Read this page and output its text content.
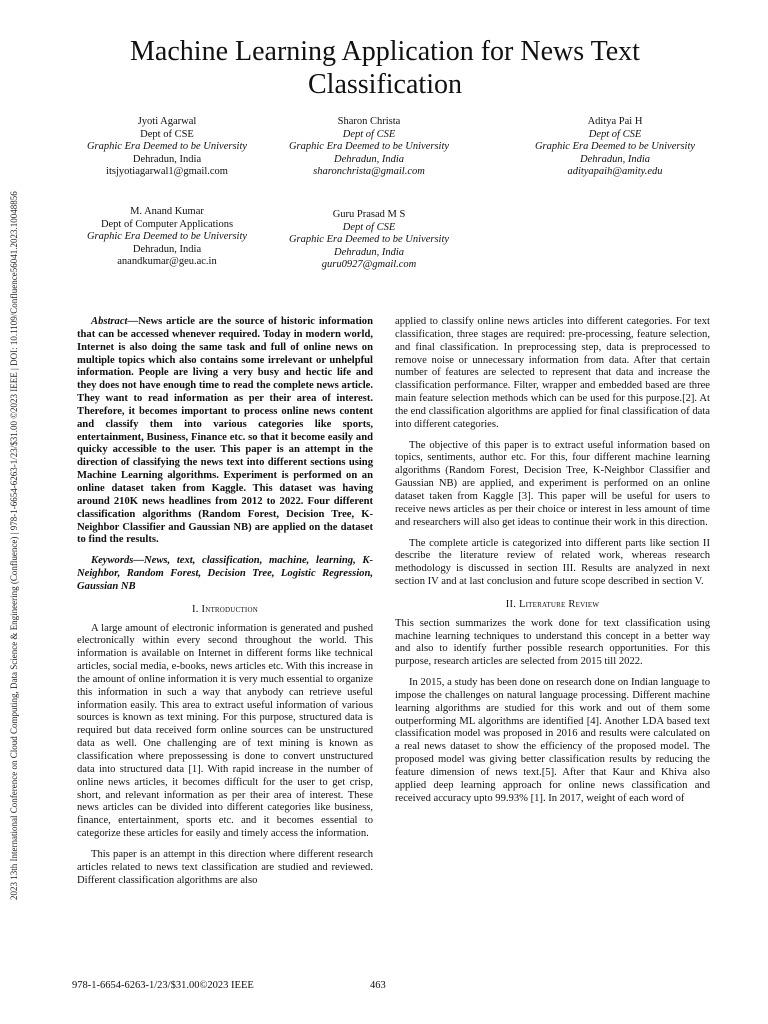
2023 13th International Conference on Cloud Computing, Data Science & Engineering (Confluence) | 978-1-6654-6263-1/23/$31.00 ©2023 IEEE | DOI: 10.1109/Confluence56041.2023.10048856
Machine Learning Application for News Text Classification
Jyoti Agarwal
Dept of CSE
Graphic Era Deemed to be University
Dehradun, India
itsjyotiagarwal1@gmail.com
Sharon Christa
Dept of CSE
Graphic Era Deemed to be University
Dehradun, India
sharonchrista@gmail.com
Aditya Pai H
Dept of CSE
Graphic Era Deemed to be University
Dehradun, India
adityapaih@amity.edu
M. Anand Kumar
Dept of Computer Applications
Graphic Era Deemed to be University
Dehradun, India
anandkumar@geu.ac.in
Guru Prasad M S
Dept of CSE
Graphic Era Deemed to be University
Dehradun, India
guru0927@gmail.com

Abstract—News article are the source of historic information that can be accessed whenever required. Today in modern world, Internet is also doing the same task and full of online news on multiple topics which also contains some irrelevant or unhelpful information. People are living a very busy and hectic life and they does not have enough time to read the complete news article. They want to read information as per their area of interest. Therefore, it becomes important to process online news content and classify them into various categories like sports, entertainment, Business, Finance etc. so that it become easily and quicky accessible to the user. This paper is an attempt in the direction of classifying the news text into different sections using Machine Learning algorithms. Experiment is performed on an online dataset taken from Kaggle. This dataset was having around 210K news headlines from 2012 to 2022. Four different classification algorithms (Random Forest, Decision Tree, K-Neighbor Classifier and Gaussian NB) are applied on the dataset to find the results.

Keywords—News, text, classification, machine, learning, K-Neighbor, Random Forest, Decision Tree, Logistic Regression, Gaussian NB

I. Introduction

A large amount of electronic information is generated and pushed electronically within every second throughout the world. This information is available on Internet in different forms like technical articles, social media, e-books, news articles etc. With this increase in the amount of online information it is very much essential to organize this information in such a way that anybody can retrieve useful information easily. This area to extract useful information of various sources is known as text mining. For this purpose, structured data is required but data received form online sources can be unstructured data as well. One challenging are of text mining is known as classification where prepossessing is done to convert unstructured data into structured data [1]. With rapid increase in the number of online news articles, it becomes difficult for the user to get crisp, short, and relevant information as per their area of interest. These news articles can be divided into different categories like business, finance, entertainment, sports etc. and it becomes essential to categorize these articles for easily and timely access the information.

This paper is an attempt in this direction where different research articles related to news text classification are studied and reviewed. Different classification algorithms are also

applied to classify online news articles into different categories. For text classification, three stages are required: pre-processing, feature selection, and final classification. In preprocessing step, data is preprocessed to remove noise or unnecessary information from data. After that certain number of features are selected to represent that data and increase the classification performance. Filter, wrapper and embedded based are three main feature selection methods which can be used for this purpose.[2]. At the end classification algorithms are applied for final classification of data into different categories.

The objective of this paper is to extract useful information based on topics, sentiments, author etc. For this, four different machine learning algorithms (Random Forest, Decision Tree, K-Neighbor Classifier and Gaussian NB) are applied, and experiment is performed on an online dataset taken from Kaggle [3]. This paper will be useful for users to receive news articles as per their choice or interest in less amount of time and researchers will also get ideas to continue their work in this direction.

The complete article is categorized into different parts like section II describe the literature review of related work, whereas research methodology is discussed in section III. Results are analyzed in next section IV and at last conclusion and future scope described in section V.

II. Literature Review

This section summarizes the work done for text classification using machine learning techniques to understand this concept in a better way and also to identify further possible research opportunities. For this purpose, research articles are selected from 2015 till 2022.

In 2015, a study has been done on research done on Indian language to impose the challenges on natural language processing. Different machine learning algorithms are studied for this work and out of them some outperforming ML algorithms are identified [4]. Another LDA based text classification model was proposed in 2016 and results were calculated on a real news dataset to show the efficiency of the proposed model. The proposed model was giving better classification results by reducing the feature dimension of news text.[5]. After that Kaur and Khiva also applied deep learning approach for online news classification and received accuracy upto 99.93% [1]. In 2017, weight of each word of

978-1-6654-6263-1/23/$31.00©2023 IEEE	463
